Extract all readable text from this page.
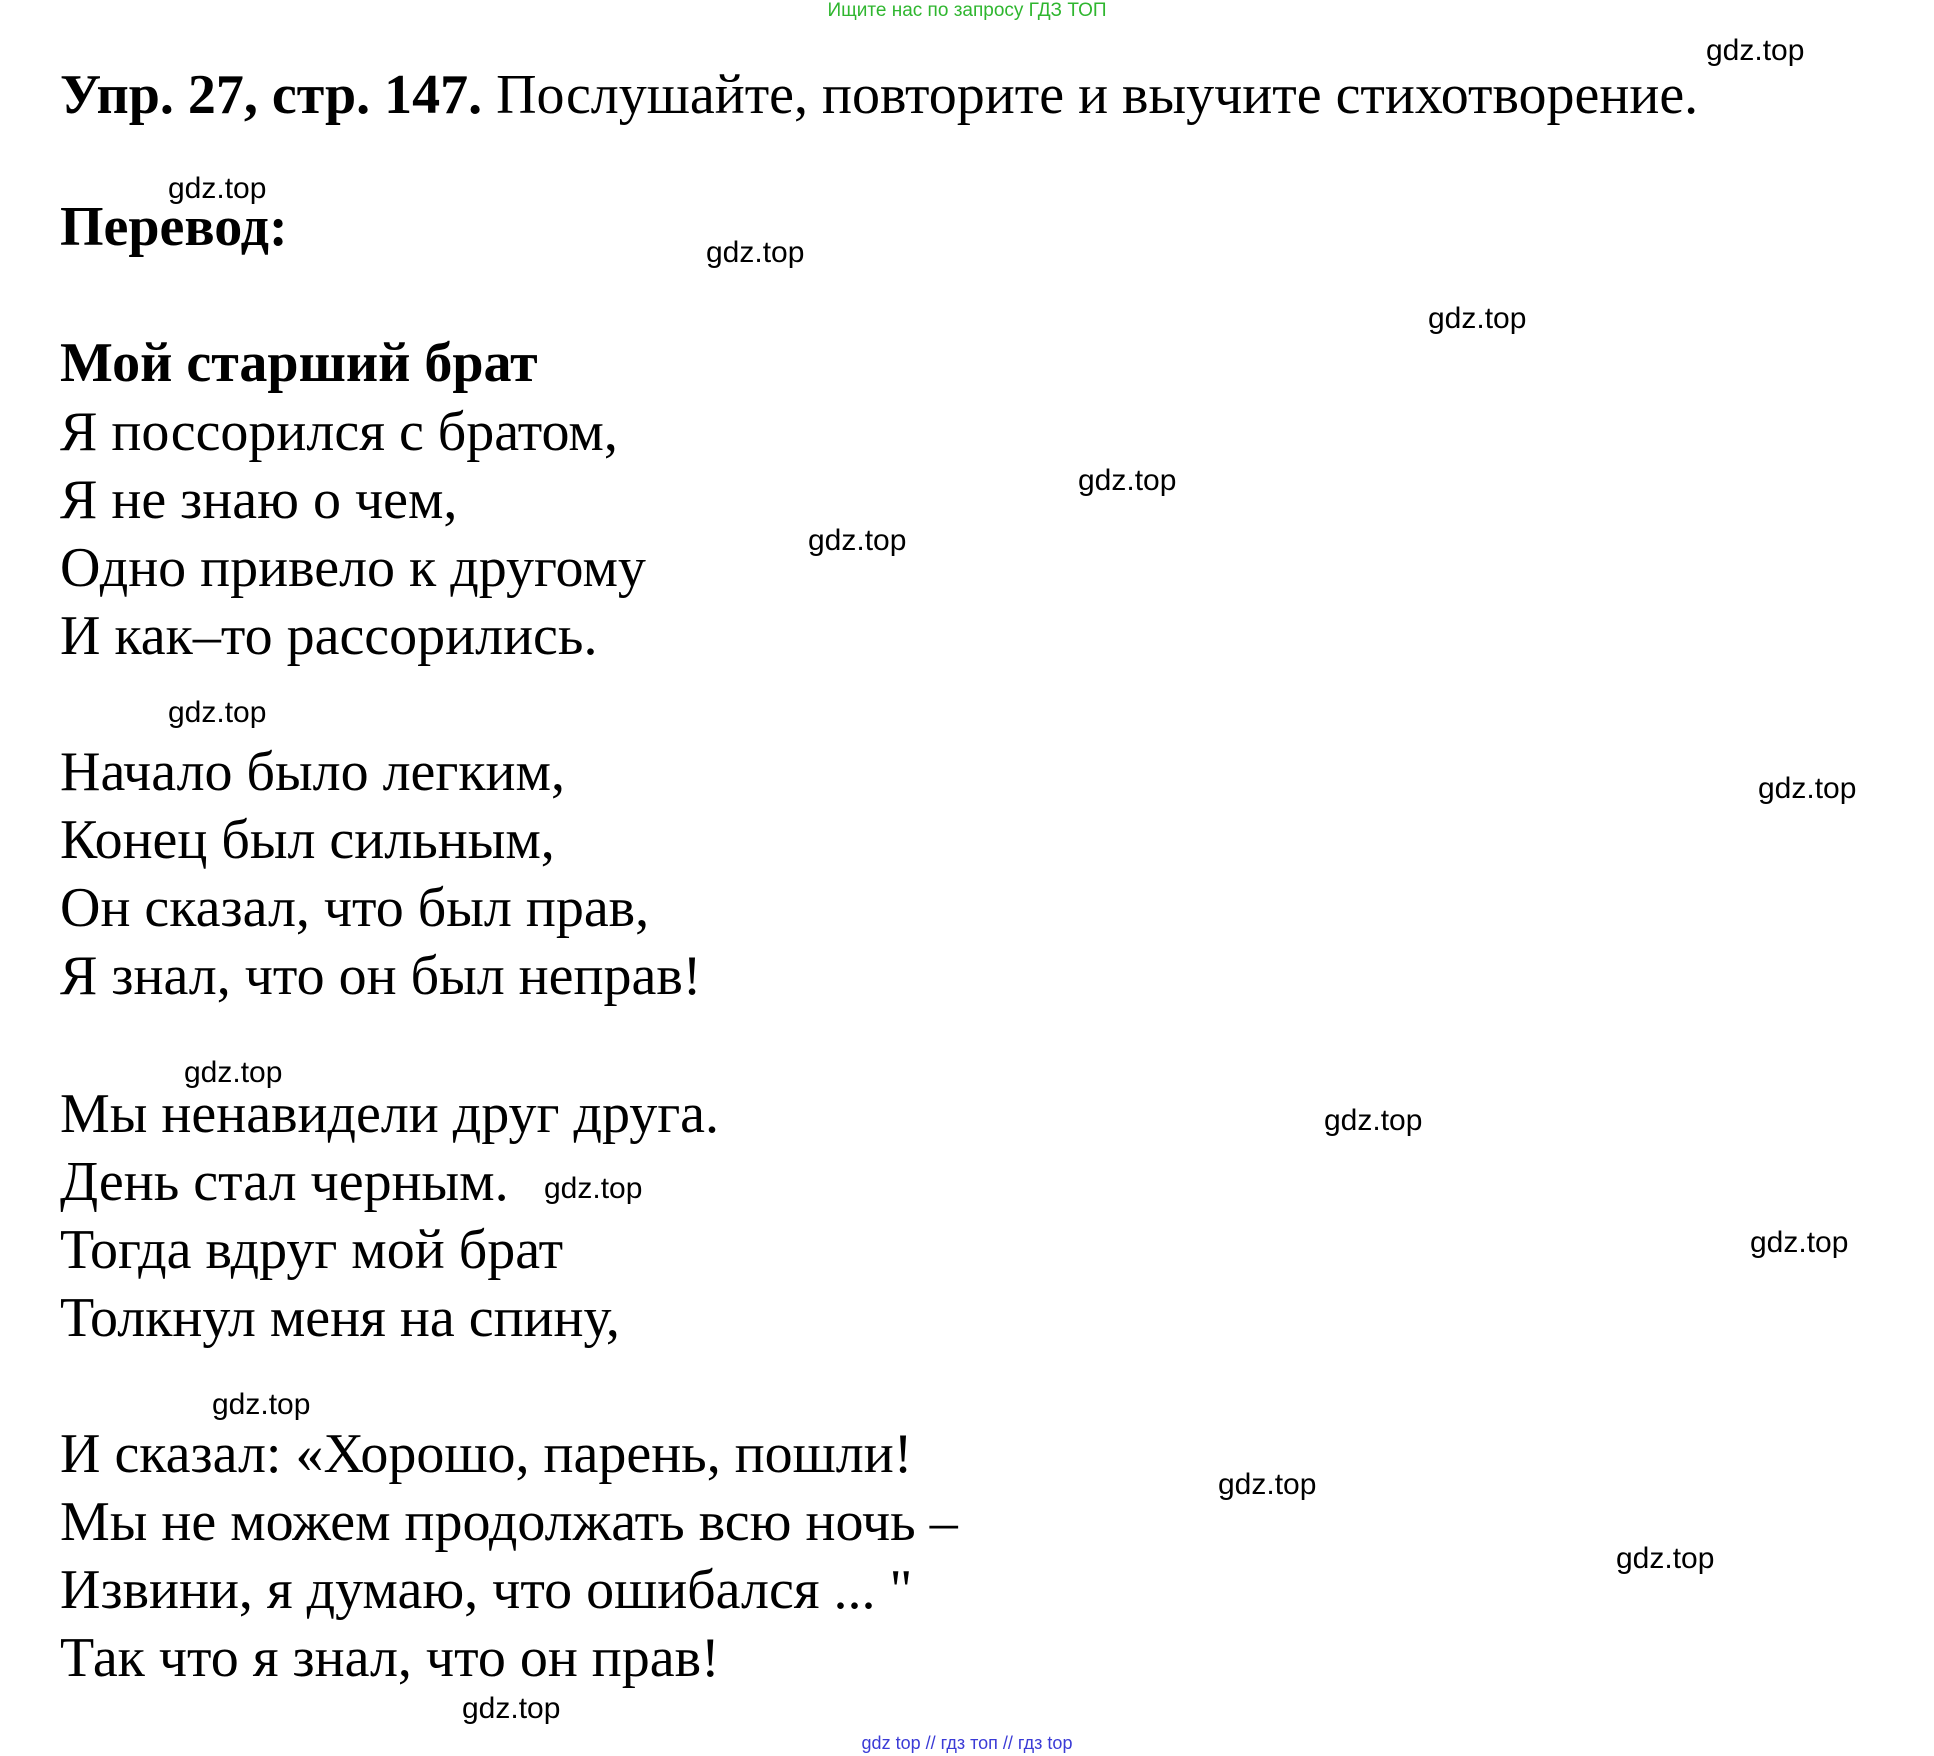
Ищите нас по запросу ГДЗ ТОП
Упр. 27, стр. 147. Послушайте, повторите и выучите стихотворение.
Перевод:
Мой старший брат
Я поссорился с братом,
Я не знаю о чем,
Одно привело к другому
И как–то рассорились.
Начало было легким,
Конец был сильным,
Он сказал, что был прав,
Я знал, что он был неправ!
Мы ненавидели друг друга.
День стал черным.
Тогда вдруг мой брат
Толкнул меня на спину,
И сказал: «Хорошо, парень, пошли!
Мы не можем продолжать всю ночь –
Извини, я думаю, что ошибался ... "
Так что я знал, что он прав!
gdz.top
gdz.top
gdz.top
gdz.top
gdz.top
gdz.top
gdz.top
gdz.top
gdz.top
gdz.top
gdz.top
gdz.top
gdz.top
gdz.top
gdz.top
gdz.top
gdz top // гдз топ // гдз top
